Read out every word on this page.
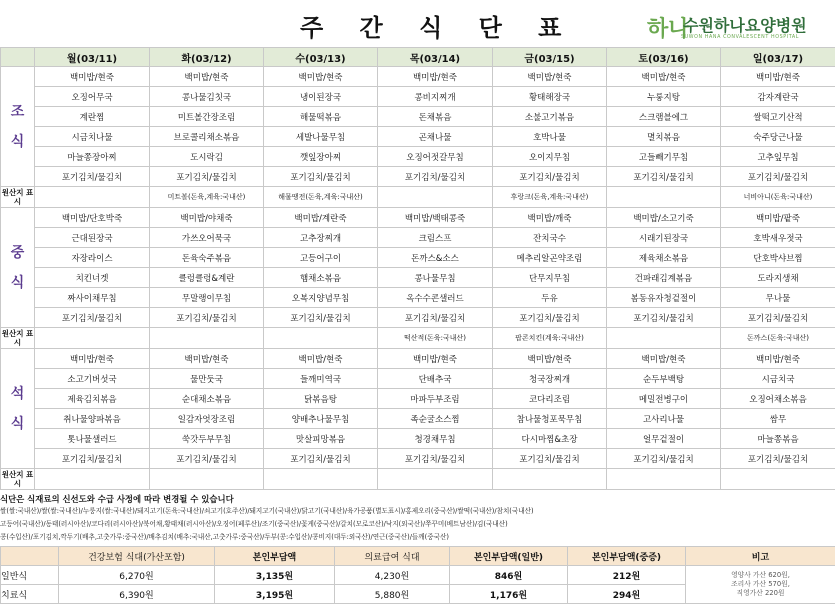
주 간 식 단 표	하나
수원하나요양병원
SUWON HANA CONVALESCENT HOSPITAL
	월(03/11)	화(03/12)	수(03/13)	목(03/14)	금(03/15)	토(03/16)	일(03/17)

조
식	백미밥/현죽	백미밥/현죽	백미밥/현죽	백미밥/현죽	백미밥/현죽	백미밥/현죽	백미밥/현죽
	오징어무국	콩나물김칫국	냉이된장국	콩비지찌개	황태해장국	누룽지탕	감자계란국
	계란찜	미트볼간장조림	해물떡볶음	돈채볶음	소불고기볶음	스크램블에그	쌀떡고기산적
	시금치나물	브로콜리채소볶음	세발나물무침	곤채나물	호박나물	멸치볶음	숙주당근나물
	마늘쫑장아찌	도시락김	깻잎장아찌	오징어젓갈무침	오이지무침	고들빼기무침	고추잎무침
	포기김치/물김치	포기김치/물김치	포기김치/물김치	포기김치/물김치	포기김치/물김치	포기김치/물김치	포기김치/물김치
원산지 표시		미트볼(돈육,계육:국내산)	해물땡전(돈육,계육:국내산)		후랑크(돈육,계육:국내산)		너비아니(돈육:국내산)

중
식	백미밥/단호박죽	백미밥/야채죽	백미밥/계란죽	백미밥/백태콩죽	백미밥/깨죽	백미밥/소고기죽	백미밥/팥죽
	근대된장국	가쓰오어묵국	고추장찌개	크림스프	잔치국수	시래기된장국	호박새우젓국
	자장라이스	돈육숙주볶음	고등어구이	돈까스&소스	메추리알곤약조림	제육채소볶음	단호박샤브찜
	치킨너겟	클렁클렁&계란	햄채소볶음	콩나물무침	단무지무침	건파래김계볶음	도라지생채
	짜사이채무침	무말랭이무침	오복지양념무침	옥수수콘샐러드	두유	봄동유자청겉절이	무나물
	포기김치/물김치	포기김치/물김치	포기김치/물김치	포기김치/물김치	포기김치/물김치	포기김치/물김치	포기김치/물김치
원산지 표시				떡산적(돈육:국내산)	팝콘치킨(계육:국내산)		돈까스(돈육:국내산)

석
식	백미밥/현죽	백미밥/현죽	백미밥/현죽	백미밥/현죽	백미밥/현죽	백미밥/현죽	백미밥/현죽
	소고기버섯국	물만둣국	들깨미역국	단배추국	청국장찌개	순두부백탕	시금치국
	제육김치볶음	순대채소볶음	닭볶음탕	마파두부조림	코다리조림	메밀전병구이	오징어채소볶음
	취나물양파볶음	일감자엇장조림	양배추나물무침	족순굴소스찜	참나물청포묵무침	고사리나물	쌈무
	톳나물샐러드	쑥갓두부무침	맛살피망볶음	청경채무침	다시마찜&초장	얼무겉절이	마늘쫑볶음
	포기김치/물김치	포기김치/물김치	포기김치/물김치	포기김치/물김치	포기김치/물김치	포기김치/물김치	포기김치/물김치
원산지 표시							
식단은 식재료의 신선도와 수급 사정에 따라 변경될 수 있습니다
쌀(쌀:국내산)/쌀(쌀:국내산)/누룽지(쌀:국내산)/돼지고기(돈육:국내산)/쇠고기(호주산)/돼지고기(국내산)/닭고기(국내산)/육가공품(별도표시)/홍제오리(중국산)/쌀떡(국내산)/참치(국내산)
고등어(국내산)/동태(러시아산)/코다리(러시아산)/북어채,황태채(러시아산)/오징어(페루산)/조기(중국산)/꽃게(중국산)/갈치(모로코산)/낙지(외국산)/쭈꾸미(베트남산)/김(국내산)
콩(수입산)/포기김치,깍두기(배추,고춧가루:중국산)/배추김치(배추:국내산,고춧가루:중국산)/두부(콩:수입산)/콩비지(대두:외국산)/연근(중국산)/들깨(중국산)
	건강보험 식대(가산포함)	본인부담액	의료급여 식대	본인부담액(일반)	본인부담액(중증)	비고
일반식	6,270원	3,135원	4,230원	846원	212원	영양사 가산 620원,
조리사 가산 570원,
직영가산 220원

치료식	6,390원	3,195원	5,880원	1,176원	294원	
